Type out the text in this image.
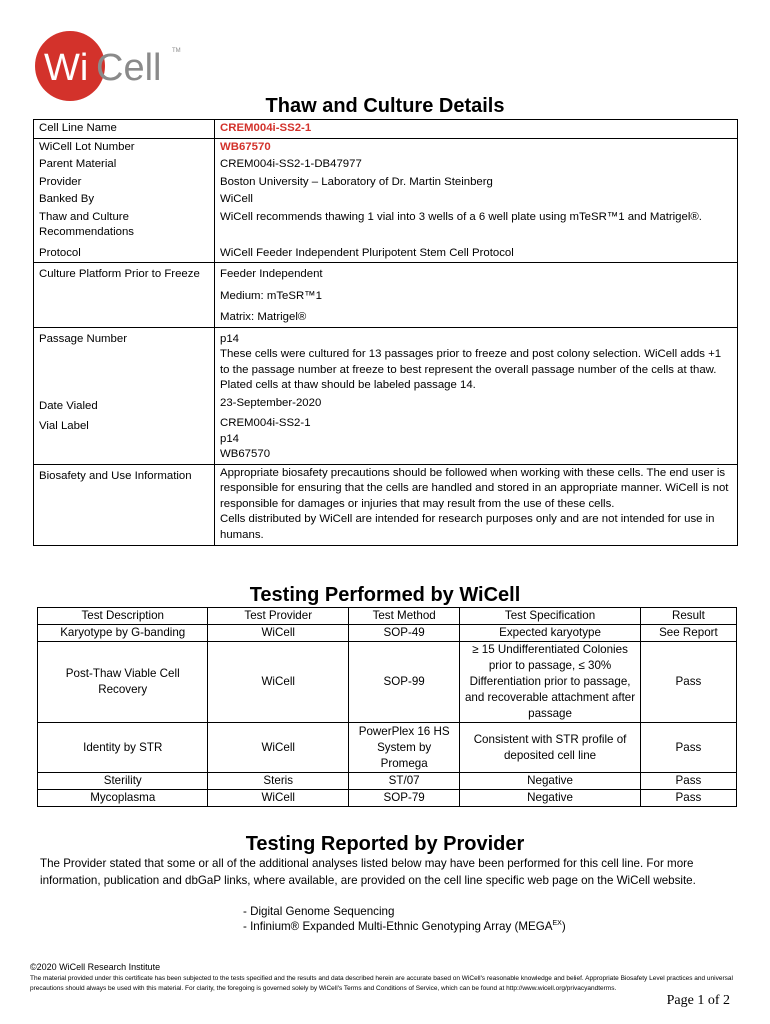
Wi Cell TM
Thaw and Culture Details
Cell Line Name	CREM004i-SS2-1
WiCell Lot Number	WB67570
Parent Material	CREM004i-SS2-1-DB47977
Provider	Boston University – Laboratory of Dr. Martin Steinberg
Banked By	WiCell
Thaw and Culture Recommendations	WiCell recommends thawing 1 vial into 3 wells of a 6 well plate using mTeSR™1 and Matrigel®.
Protocol	WiCell Feeder Independent Pluripotent Stem Cell Protocol
Culture Platform Prior to Freeze	Feeder Independent
Medium: mTeSR™1
Matrix: Matrigel®

Passage Number	p14
These cells were cultured for 13 passages prior to freeze and post colony selection. WiCell adds +1 to the passage number at freeze to best represent the overall passage number of the cells at thaw. Plated cells at thaw should be labeled passage 14.

Date Vialed	23-September-2020
Vial Label	CREM004i-SS2-1
p14
WB67570

Biosafety and Use Information	Appropriate biosafety precautions should be followed when working with these cells. The end user is responsible for ensuring that the cells are handled and stored in an appropriate manner. WiCell is not responsible for damages or injuries that may result from the use of these cells.
Cells distributed by WiCell are intended for research purposes only and are not intended for use in humans.
Testing Performed by WiCell
Test Description	Test Provider	Test Method	Test Specification	Result
Karyotype by G-banding	WiCell	SOP-49	Expected karyotype	See Report
Post-Thaw Viable Cell Recovery	WiCell	SOP-99	≥ 15 Undifferentiated Colonies prior to passage, ≤ 30% Differentiation prior to passage, and recoverable attachment after passage	Pass
Identity by STR	WiCell	PowerPlex 16 HS System by Promega	Consistent with STR profile of deposited cell line	Pass
Sterility	Steris	ST/07	Negative	Pass
Mycoplasma	WiCell	SOP-79	Negative	Pass
Testing Reported by Provider
The Provider stated that some or all of the additional analyses listed below may have been performed for this cell line. For more information, publication and dbGaP links, where available, are provided on the cell line specific web page on the WiCell website.
- Digital Genome Sequencing
- Infinium® Expanded Multi-Ethnic Genotyping Array $(MEGA^{EX})$
©2020 WiCell Research Institute
The material provided under this certificate has been subjected to the tests specified and the results and data described herein are accurate based on WiCell's reasonable knowledge and belief. Appropriate Biosafety Level practices and universal precautions should always be used with this material. For clarity, the foregoing is governed solely by WiCell's Terms and Conditions of Service, which can be found at http://www.wicell.org/privacyandterms.
Page 1 of 2
